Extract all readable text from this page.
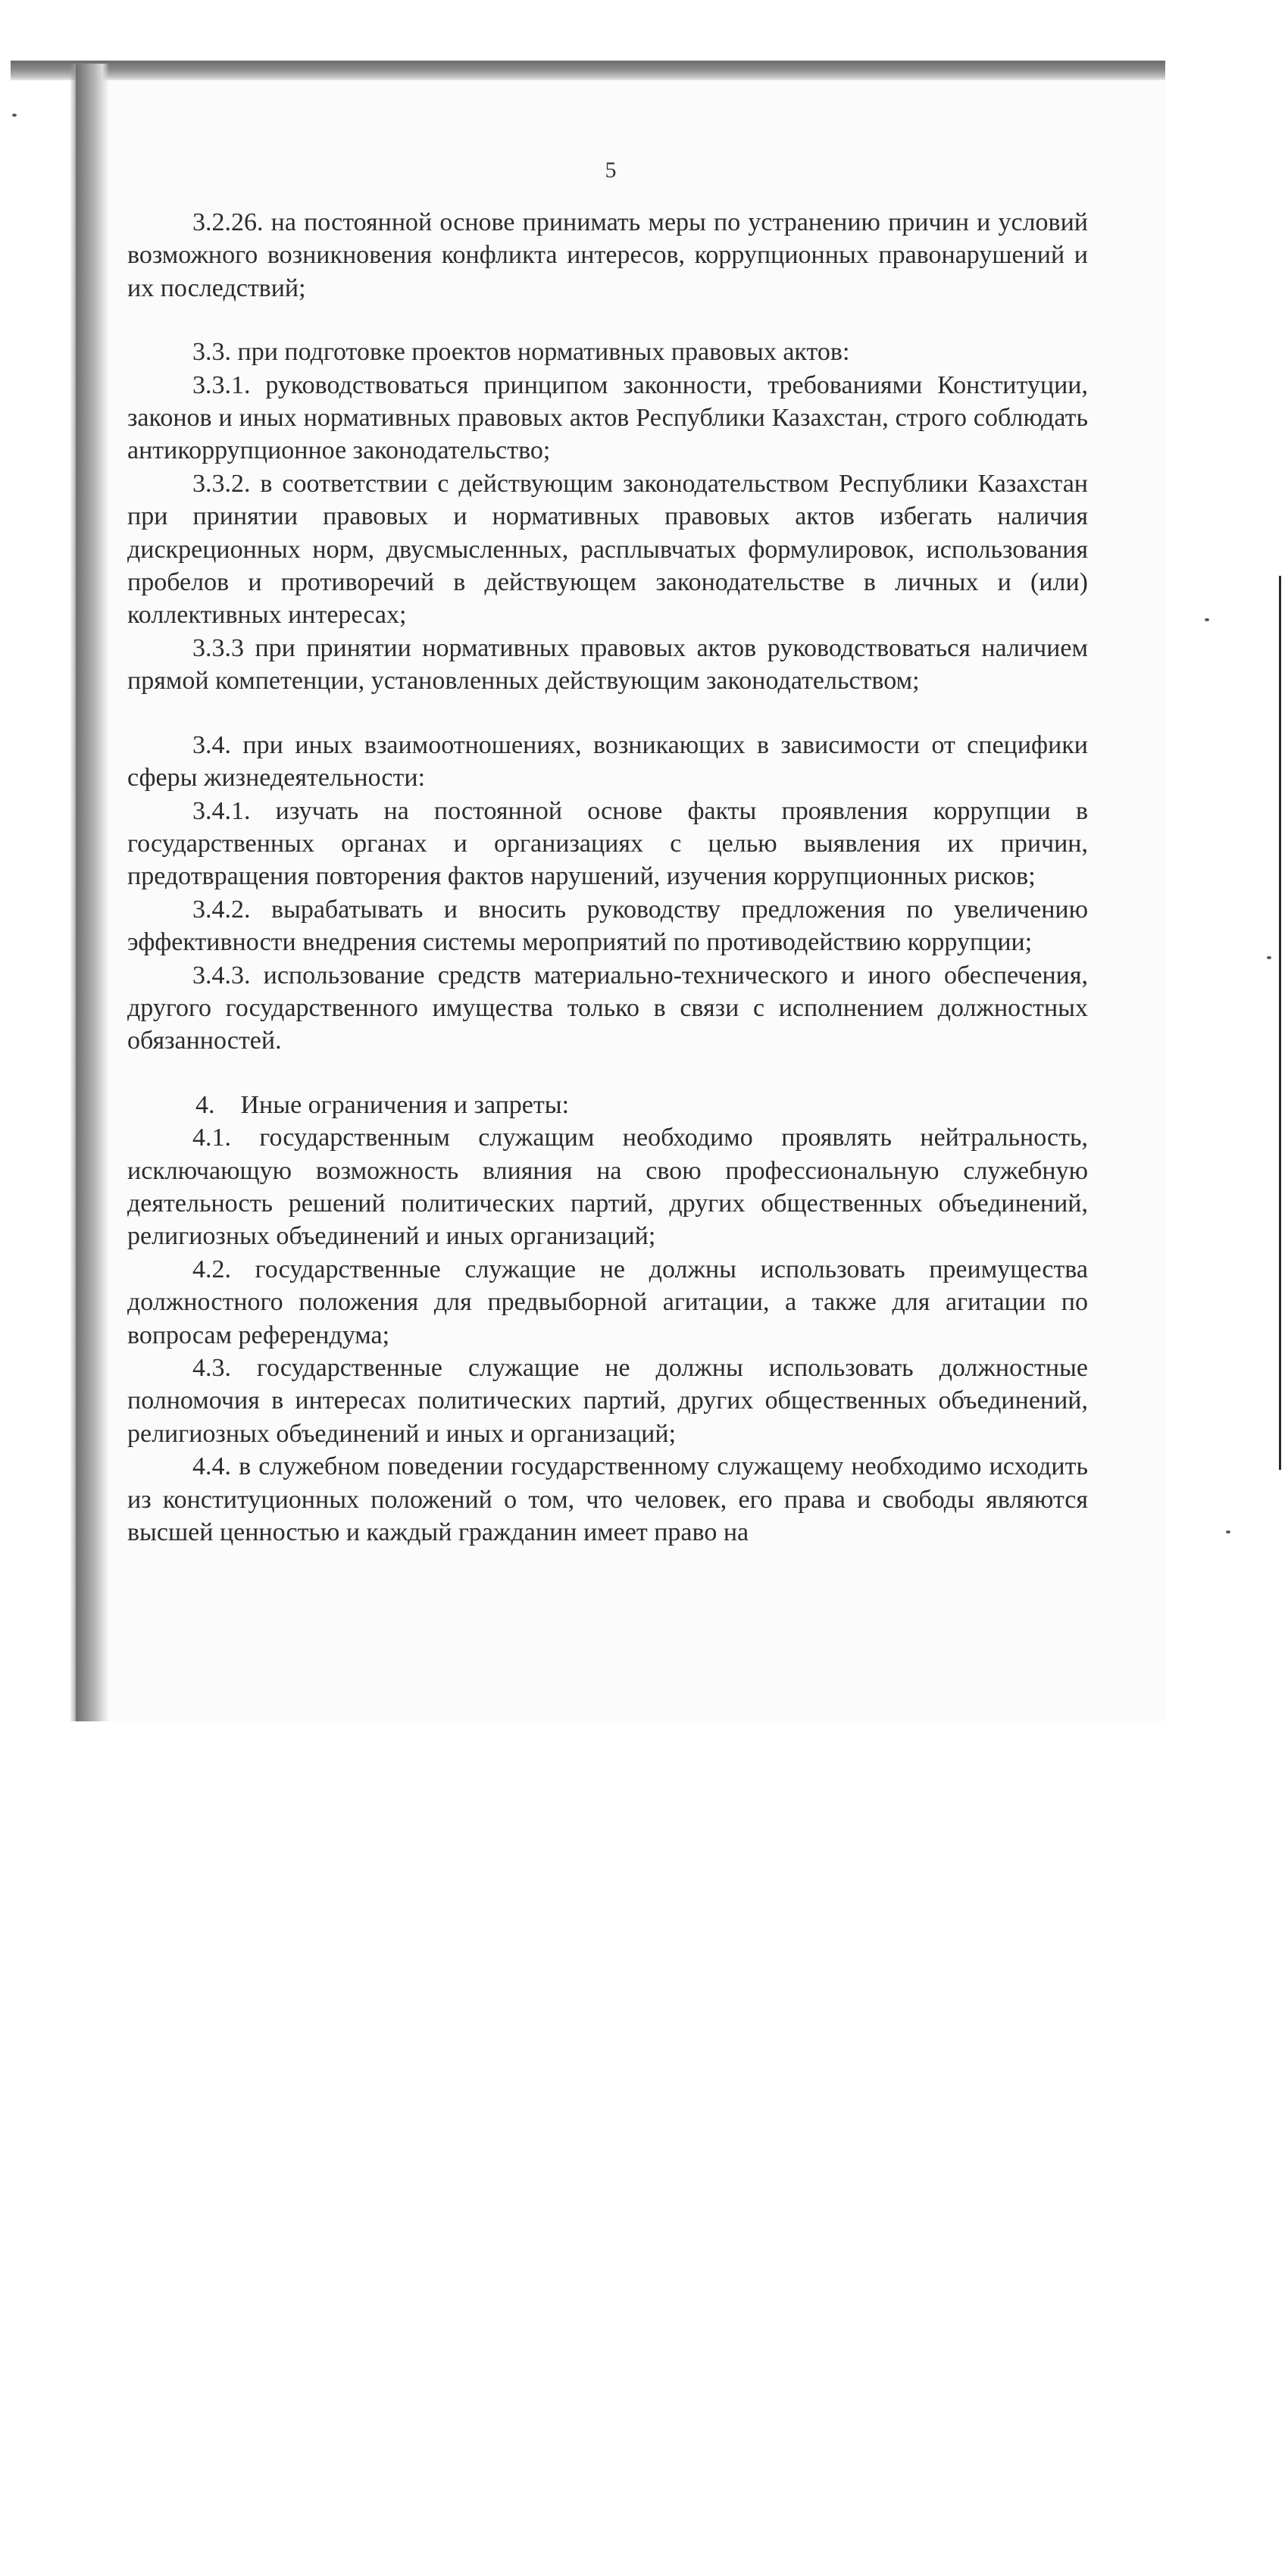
5

3.2.26. на постоянной основе принимать меры по устранению причин и условий возможного возникновения конфликта интересов, коррупционных правонарушений и их последствий;

3.3. при подготовке проектов нормативных правовых актов:

3.3.1. руководствоваться принципом законности, требованиями Конституции, законов и иных нормативных правовых актов Республики Казахстан, строго соблюдать антикоррупционное законодательство;

3.3.2. в соответствии с действующим законодательством Республики Казахстан при принятии правовых и нормативных правовых актов избегать наличия дискреционных норм, двусмысленных, расплывчатых формулировок, использования пробелов и противоречий в действующем законодательстве в личных и (или) коллективных интересах;

3.3.3 при принятии нормативных правовых актов руководствоваться наличием прямой компетенции, установленных действующим законодательством;

3.4. при иных взаимоотношениях, возникающих в зависимости от специфики сферы жизнедеятельности:

3.4.1. изучать на постоянной основе факты проявления коррупции в государственных органах и организациях с целью выявления их причин, предотвращения повторения фактов нарушений, изучения коррупционных рисков;

3.4.2. вырабатывать и вносить руководству предложения по увеличению эффективности внедрения системы мероприятий по противодействию коррупции;

3.4.3. использование средств материально-технического и иного обеспечения, другого государственного имущества только в связи с исполнением должностных обязанностей.

4.    Иные ограничения и запреты:

4.1. государственным служащим необходимо проявлять нейтральность, исключающую возможность влияния на свою профессиональную служебную деятельность решений политических партий, других общественных объединений, религиозных объединений и иных организаций;

4.2. государственные служащие не должны использовать преимущества должностного положения для предвыборной агитации, а также для агитации по вопросам референдума;

4.3. государственные служащие не должны использовать должностные полномочия в интересах политических партий, других общественных объединений, религиозных объединений и иных и организаций;

4.4. в служебном поведении государственному служащему необходимо исходить из конституционных положений о том, что человек, его права и свободы являются высшей ценностью и каждый гражданин имеет право на
